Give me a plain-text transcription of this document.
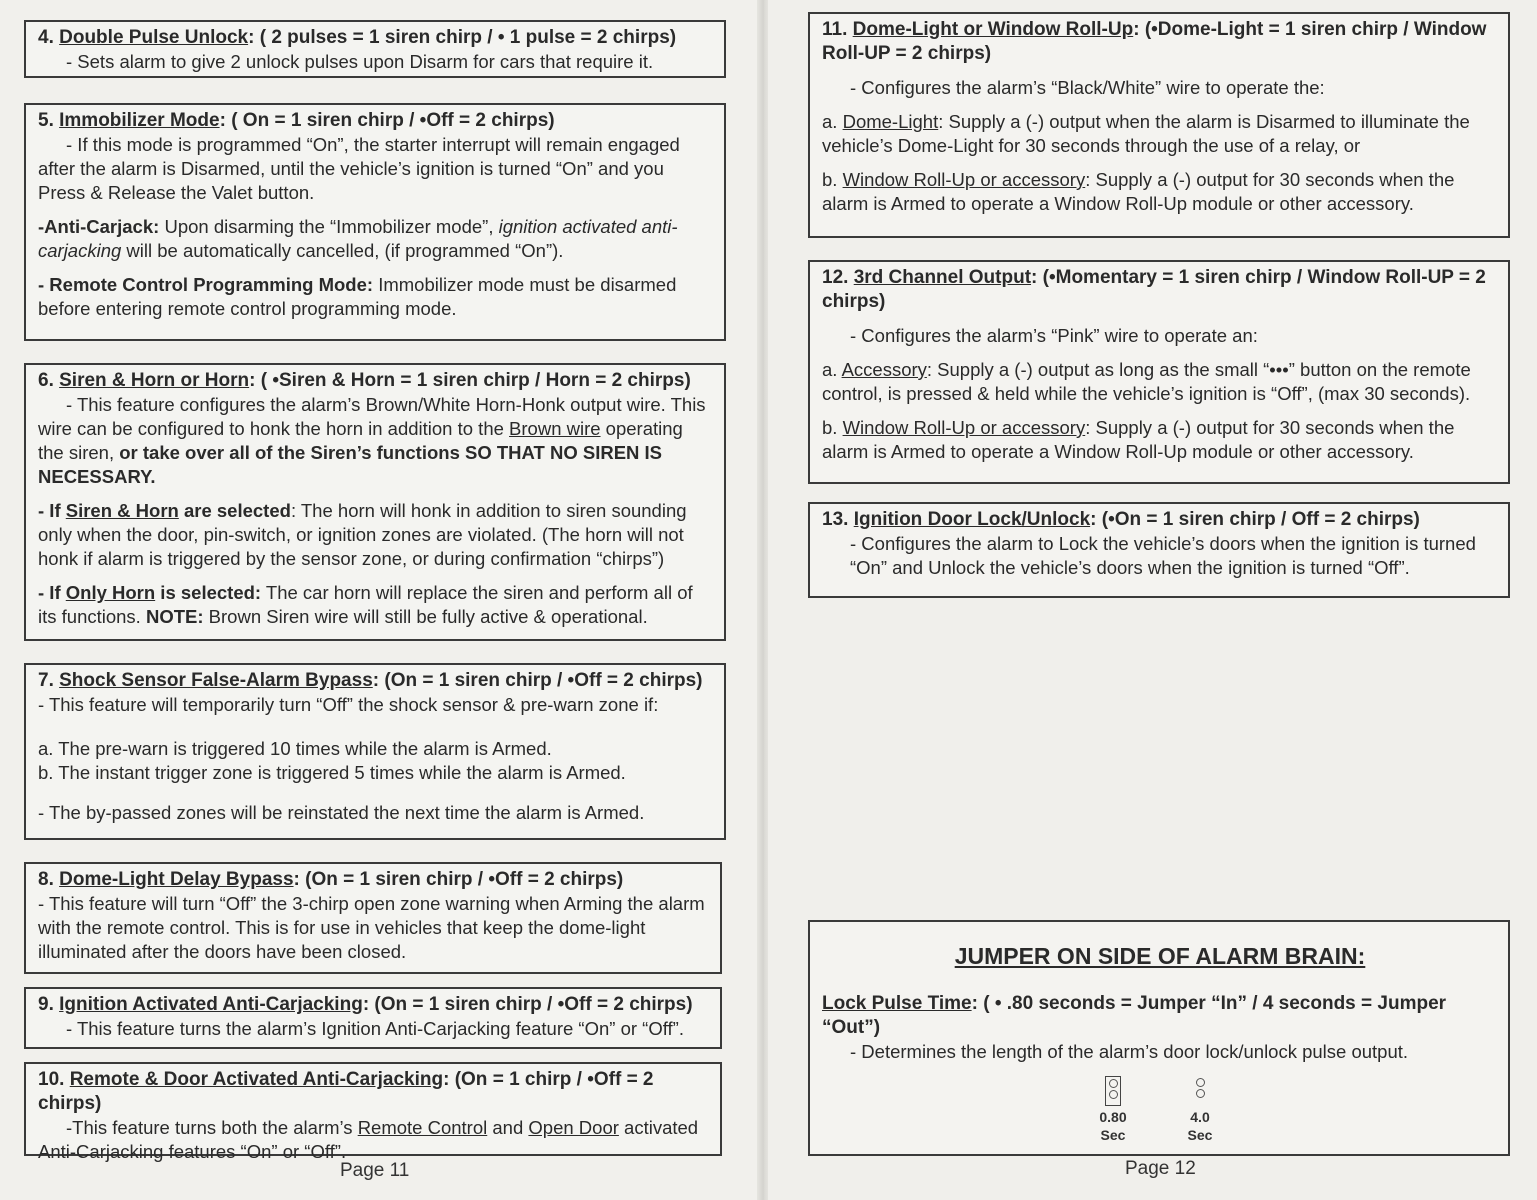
4. Double Pulse Unlock: ( 2 pulses = 1 siren chirp / • 1 pulse = 2 chirps)

- Sets alarm to give 2 unlock pulses upon Disarm for cars that require it.

5. Immobilizer Mode: ( On = 1 siren chirp / •Off = 2 chirps)

- If this mode is programmed “On”, the starter interrupt will remain engaged after the alarm is Disarmed, until the vehicle’s ignition is turned “On” and you Press & Release the Valet button.

-Anti-Carjack: Upon disarming the “Immobilizer mode”, ignition activated anti-carjacking will be automatically cancelled, (if programmed “On”).

- Remote Control Programming Mode: Immobilizer mode must be disarmed before entering remote control programming mode.

6. Siren & Horn or Horn: ( •Siren & Horn = 1 siren chirp / Horn = 2 chirps)

- This feature configures the alarm’s Brown/White Horn-Honk output wire. This wire can be configured to honk the horn in addition to the Brown wire operating the siren, or take over all of the Siren’s functions SO THAT NO SIREN IS NECESSARY.

- If Siren & Horn are selected: The horn will honk in addition to siren sounding only when the door, pin-switch, or ignition zones are violated. (The horn will not honk if alarm is triggered by the sensor zone, or during confirmation “chirps”)

- If Only Horn is selected: The car horn will replace the siren and perform all of its functions. NOTE: Brown Siren wire will still be fully active & operational.

7. Shock Sensor False-Alarm Bypass: (On = 1 siren chirp / •Off = 2 chirps)

- This feature will temporarily turn “Off” the shock sensor & pre-warn zone if:

a. The pre-warn is triggered 10 times while the alarm is Armed.

b. The instant trigger zone is triggered 5 times while the alarm is Armed.

- The by-passed zones will be reinstated the next time the alarm is Armed.

8. Dome-Light Delay Bypass: (On = 1 siren chirp / •Off = 2 chirps)

- This feature will turn “Off” the 3-chirp open zone warning when Arming the alarm with the remote control. This is for use in vehicles that keep the dome-light illuminated after the doors have been closed.

9. Ignition Activated Anti-Carjacking: (On = 1 siren chirp / •Off = 2 chirps)

- This feature turns the alarm’s Ignition Anti-Carjacking feature “On” or “Off”.

10. Remote & Door Activated Anti-Carjacking: (On = 1 chirp / •Off = 2 chirps)

-This feature turns both the alarm’s Remote Control and Open Door activated Anti-Carjacking features “On” or “Off”.

Page 11

11. Dome-Light or Window Roll-Up: (•Dome-Light = 1 siren chirp / Window Roll-UP = 2 chirps)

- Configures the alarm’s “Black/White” wire to operate the:

a. Dome-Light: Supply a (-) output when the alarm is Disarmed to illuminate the vehicle’s Dome-Light for 30 seconds through the use of a relay, or

b. Window Roll-Up or accessory: Supply a (-) output for 30 seconds when the alarm is Armed to operate a Window Roll-Up module or other accessory.

12. 3rd Channel Output: (•Momentary = 1 siren chirp / Window Roll-UP = 2 chirps)

- Configures the alarm’s “Pink” wire to operate an:

a. Accessory: Supply a (-) output as long as the small “•••” button on the remote control, is pressed & held while the vehicle’s ignition is “Off”, (max 30 seconds).

b. Window Roll-Up or accessory: Supply a (-) output for 30 seconds when the alarm is Armed to operate a Window Roll-Up module or other accessory.

13. Ignition Door Lock/Unlock: (•On = 1 siren chirp / Off = 2 chirps)

- Configures the alarm to Lock the vehicle’s doors when the ignition is turned “On” and Unlock the vehicle’s doors when the ignition is turned “Off”.

JUMPER ON SIDE OF ALARM BRAIN:

Lock Pulse Time: ( • .80 seconds = Jumper “In” / 4 seconds = Jumper “Out”)

- Determines the length of the alarm’s door lock/unlock pulse output.

0.80
Sec
4.0
Sec
Page 12
